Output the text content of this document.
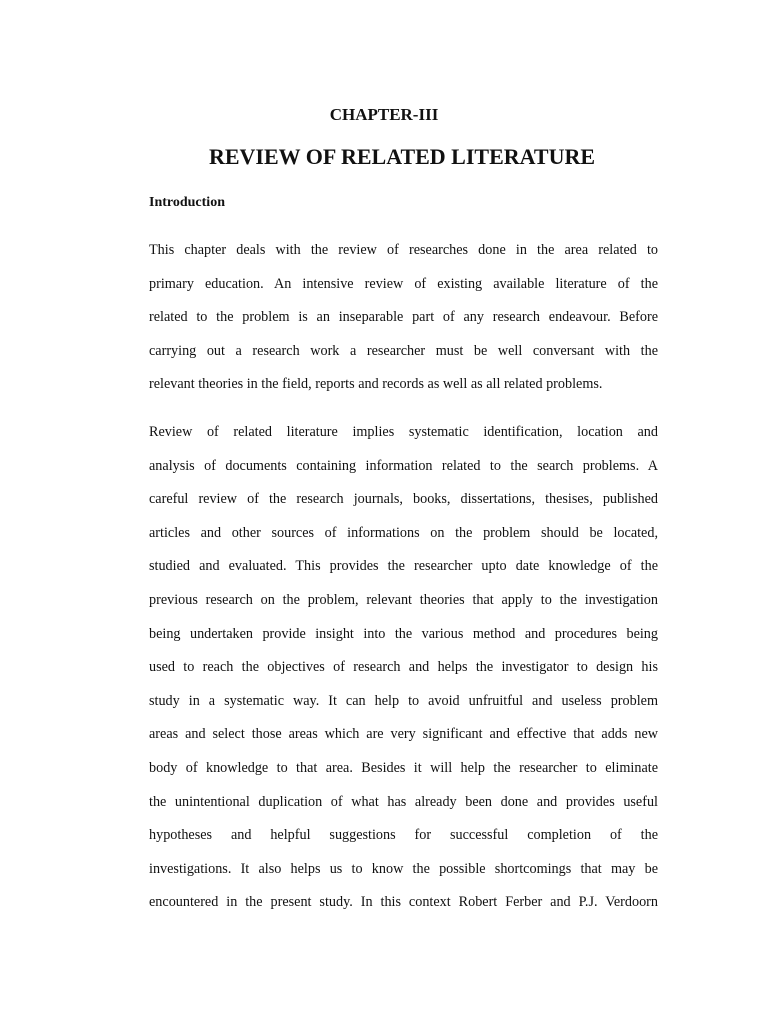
CHAPTER-III
REVIEW OF RELATED LITERATURE
Introduction
This chapter deals with the review of researches done in the area related to
primary education. An intensive review of existing available literature of the
related to the problem is an inseparable part of any research endeavour. Before
carrying out a research work a researcher must be well conversant with the
relevant theories in the field, reports and records as well as all related problems.
Review of related literature implies systematic identification, location and
analysis of documents containing information related to the search problems. A
careful review of the research journals, books, dissertations, thesises, published
articles and other sources of informations on the problem should be located,
studied and evaluated. This provides the researcher upto date knowledge of the
previous research on the problem, relevant theories that apply to the investigation
being undertaken provide insight into the various method and procedures being
used to reach the objectives of research and helps the investigator to design his
study in a systematic way. It can help to avoid unfruitful and useless problem
areas and select those areas which are very significant and effective that adds new
body of knowledge to that area. Besides it will help the researcher to eliminate
the unintentional duplication of what has already been done and provides useful
hypotheses and helpful suggestions for successful completion of the
investigations. It also helps us to know the possible shortcomings that may be
encountered in the present study. In this context Robert Ferber and P.J. Verdoorn
